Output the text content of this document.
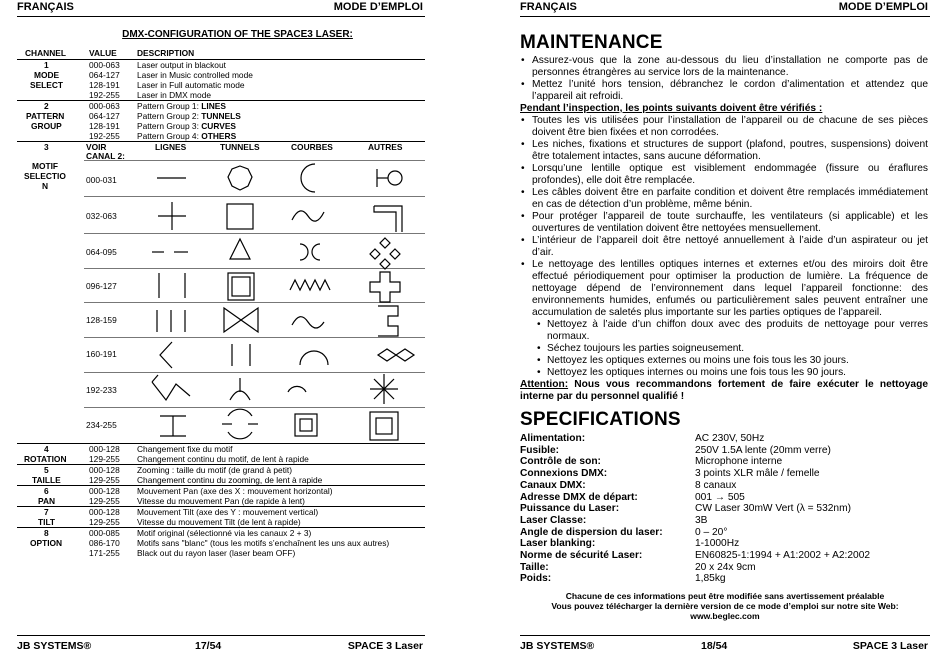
FRANÇAIS	MODE D’EMPLOI
DMX-CONFIGURATION OF THE SPACE3 LASER:
CHANNEL	VALUE DESCRIPTION
1
MODE
SELECT
000-063 Laser output in blackout
064-127 Laser in Music controlled mode
128-191 Laser in Full automatic mode
192-255 Laser in DMX mode
2
PATTERN
GROUP
000-063 Pattern Group 1: LINES
064-127 Pattern Group 2: TUNNELS
128-191 Pattern Group 3: CURVES
192-255 Pattern Group 4: OTHERS
3
MOTIF
SELECTIO
N
VOIR
CANAL 2:
LIGNES	TUNNELS	COURBES	AUTRES
000-031
032-063
064-095
096-127
128-159
160-191
192-233
234-255
4
ROTATION
000-128 Changement fixe du motif
129-255 Changement continu du motif, de lent à rapide
5
TAILLE
000-128 Zooming : taille du motif (de grand à petit)
129-255 Changement continu du zooming, de lent à rapide
6
PAN
000-128 Mouvement Pan (axe des X : mouvement horizontal)
129-255 Vitesse du mouvement Pan (de rapide à lent)
7
TILT
000-128 Mouvement Tilt (axe des Y : mouvement vertical)
129-255 Vitesse du mouvement Tilt (de lent à rapide)
8
OPTION
000-085 Motif original (sélectionné via les canaux 2 + 3)
086-170 Motifs sans "blanc" (tous les motifs s’enchaînent les uns aux autres)
171-255 Black out du rayon laser (laser beam OFF)
JB SYSTEMS®	17/54	SPACE 3 Laser
FRANÇAIS	MODE D’EMPLOI
MAINTENANCE
• Assurez-vous que la zone au-dessous du lieu d’installation ne comporte pas de personnes étrangères au service lors de la maintenance.
• Mettez l’unité hors tension, débranchez le cordon d’alimentation et attendez que l’appareil ait refroidi.
Pendant l’inspection, les points suivants doivent être vérifiés :
• Toutes les vis utilisées pour l’installation de l’appareil ou de chacune de ses pièces doivent être bien fixées et non corrodées.
• Les niches, fixations et structures de support (plafond, poutres, suspensions) doivent être totalement intactes, sans aucune déformation.
• Lorsqu’une lentille optique est visiblement endommagée (fissure ou éraflures profondes), elle doit être remplacée.
• Les câbles doivent être en parfaite condition et doivent être remplacés immédiatement en cas de détection d’un problème, même bénin.
• Pour protéger l’appareil de toute surchauffe, les ventilateurs (si applicable) et les ouvertures de ventilation doivent être nettoyées mensuellement.
• L’intérieur de l’appareil doit être nettoyé annuellement à l’aide d’un aspirateur ou jet d’air.
• Le nettoyage des lentilles optiques internes et externes et/ou des miroirs doit être effectué périodiquement pour optimiser la production de lumière. La fréquence de nettoyage dépend de l’environnement dans lequel l’appareil fonctionne: des environnements humides, enfumés ou particulièrement sales peuvent entraîner une accumulation de saletés plus importante sur les parties optiques de l’appareil.
• Nettoyez à l’aide d’un chiffon doux avec des produits de nettoyage pour verres normaux.
• Séchez toujours les parties soigneusement.
• Nettoyez les optiques externes ou moins une fois tous les 30 jours.
• Nettoyez les optiques internes ou moins une fois tous les 90 jours.
Attention: Nous vous recommandons fortement de faire exécuter le nettoyage interne par du personnel qualifié !
SPECIFICATIONS
Alimentation:	AC 230V, 50Hz
Fusible:	250V 1.5A lente (20mm verre)
Contrôle de son:	Microphone interne
Connexions DMX:	3 points XLR mâle / femelle
Canaux DMX:	8 canaux
Adresse DMX de départ:	001 → 505
Puissance du Laser:	CW Laser 30mW Vert (λ = 532nm)
Laser Classe:	3B
Angle de dispersion du laser:	0 – 20°
Laser blanking:	1-1000Hz
Norme de sécurité Laser:	EN60825-1:1994 + A1:2002 + A2:2002
Taille:	20 x 24x 9cm
Poids:	1,85kg
Chacune de ces informations peut être modifiée sans avertissement préalable
Vous pouvez télécharger la dernière version de ce mode d’emploi sur notre site Web:
www.beglec.com
JB SYSTEMS®	18/54	SPACE 3 Laser
